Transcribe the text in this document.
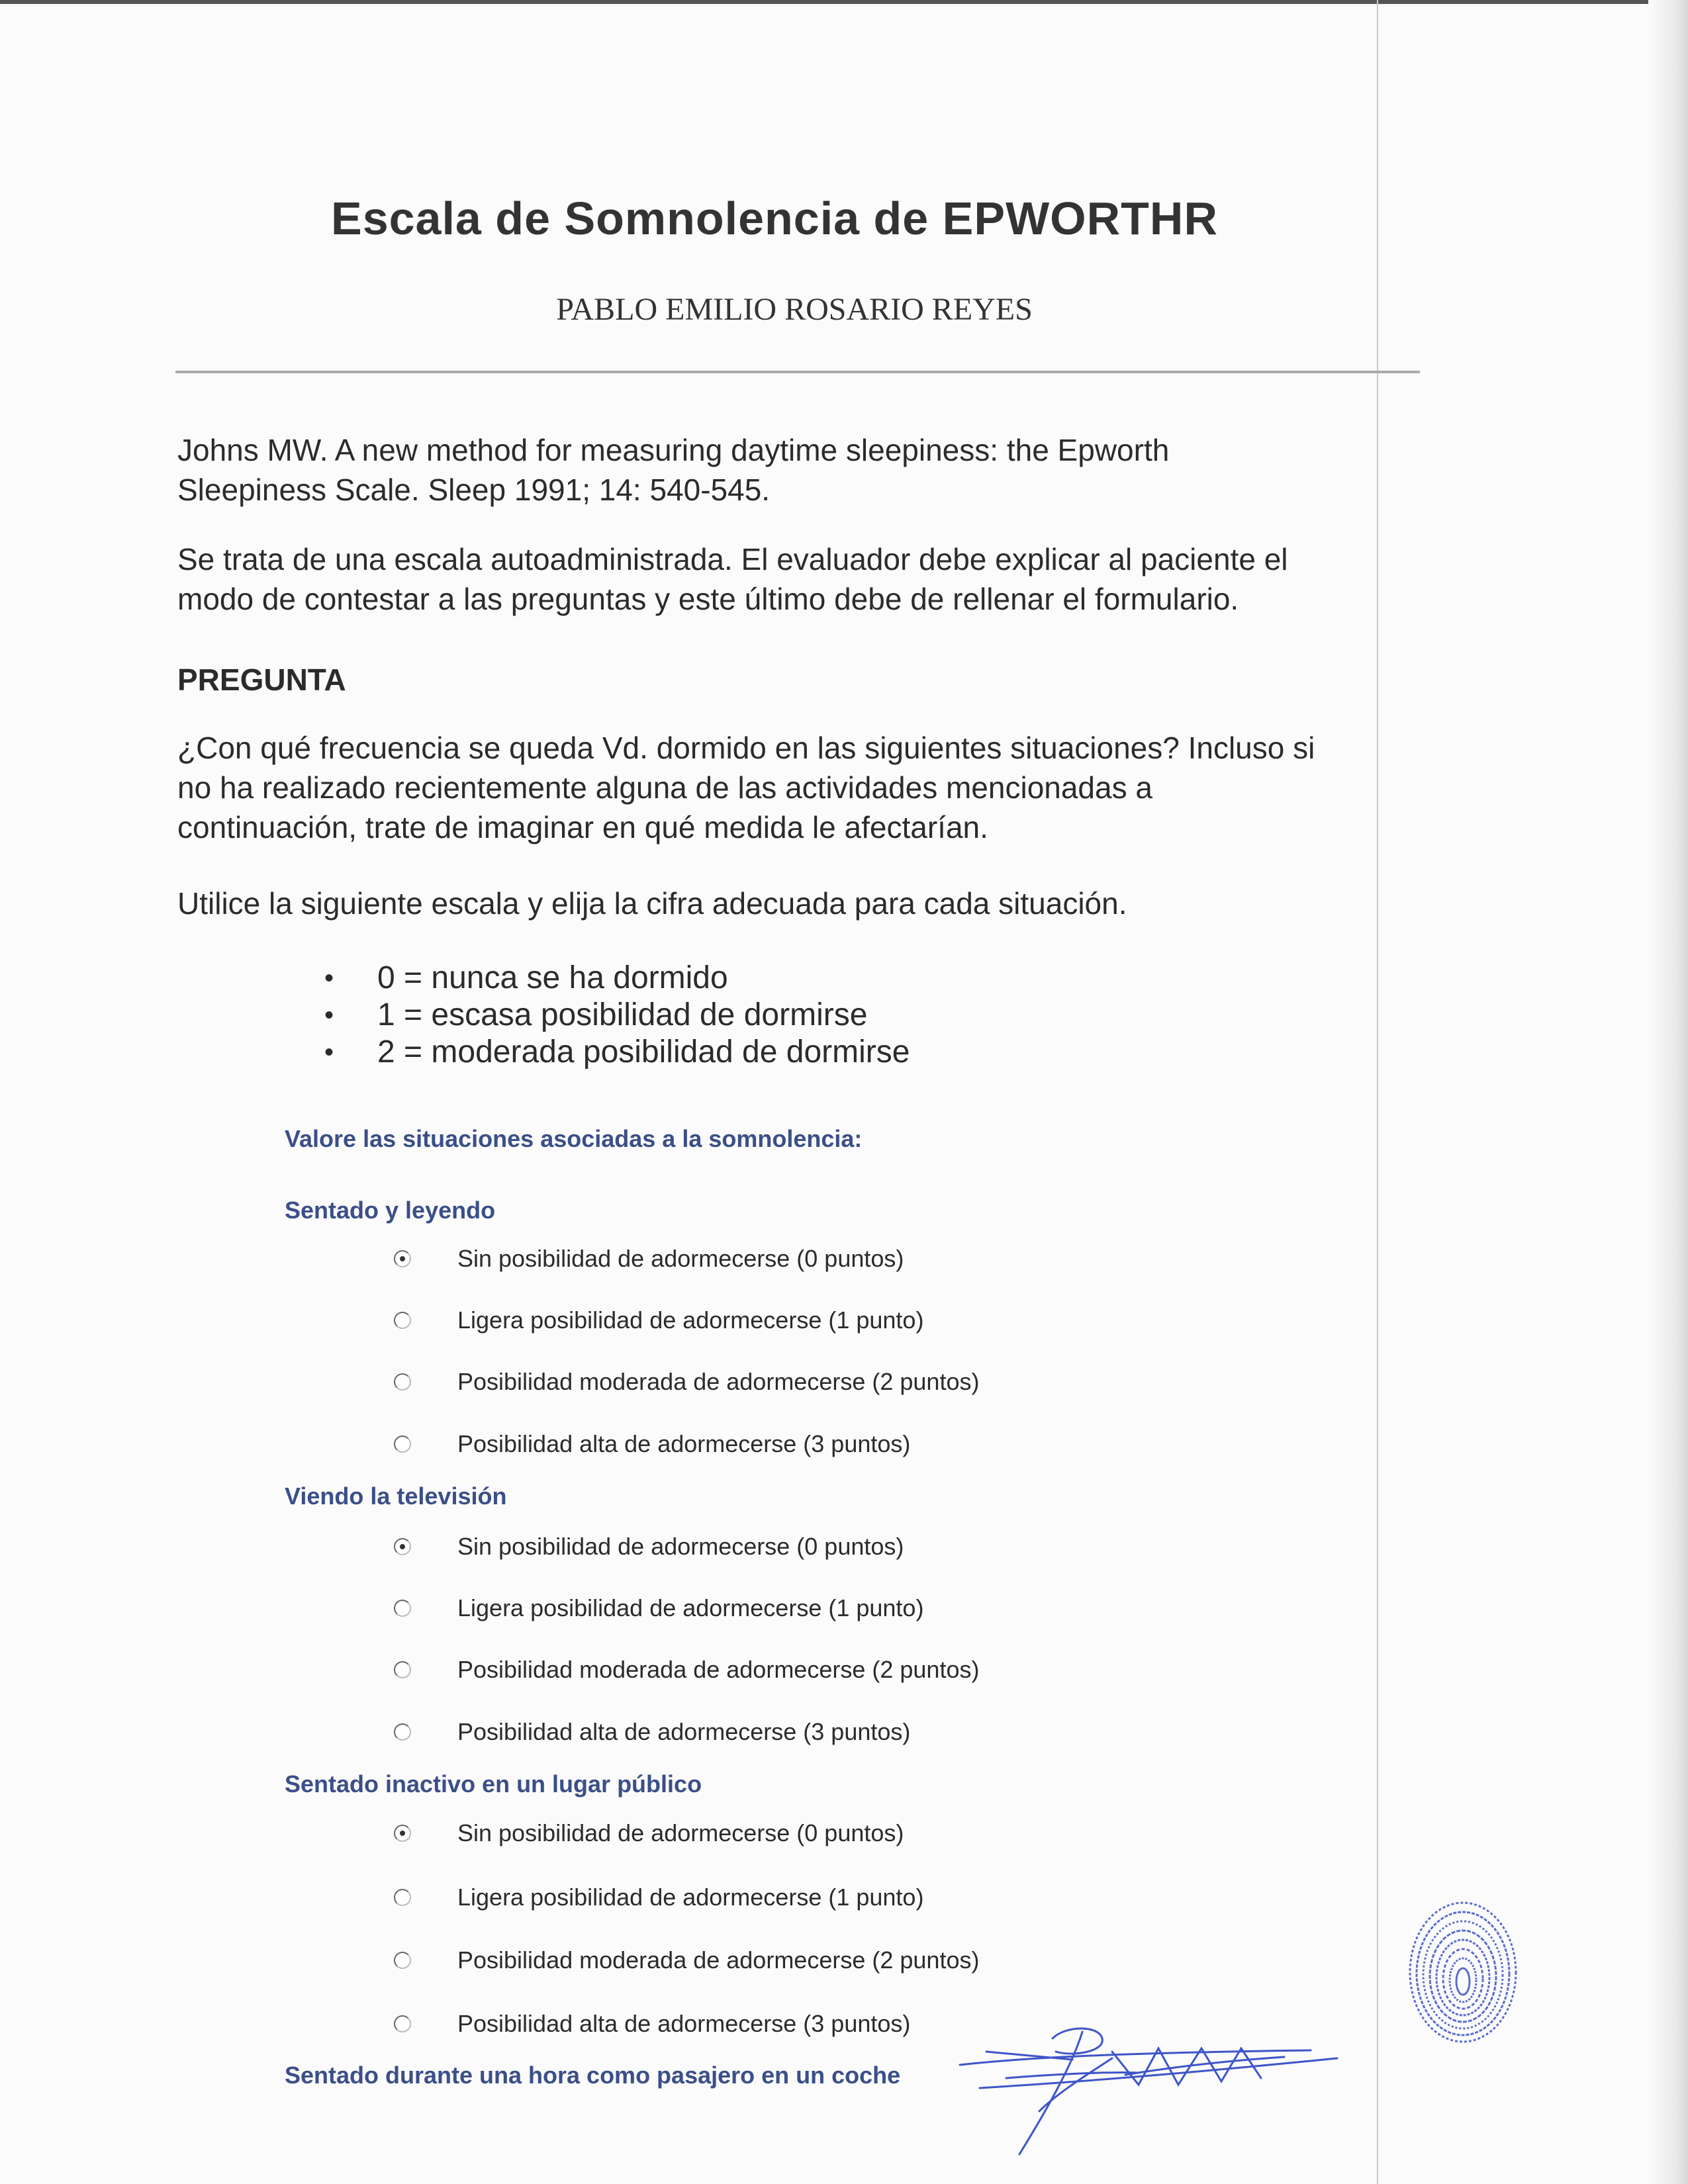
Escala de Somnolencia de EPWORTHR
PABLO EMILIO ROSARIO REYES
Johns MW. A new method for measuring daytime sleepiness: the Epworth
Sleepiness Scale. Sleep 1991; 14: 540-545.
Se trata de una escala autoadministrada. El evaluador debe explicar al paciente el
modo de contestar a las preguntas y este último debe de rellenar el formulario.
PREGUNTA
¿Con qué frecuencia se queda Vd. dormido en las siguientes situaciones? Incluso si
no ha realizado recientemente alguna de las actividades mencionadas a
continuación, trate de imaginar en qué medida le afectarían.
Utilice la siguiente escala y elija la cifra adecuada para cada situación.
•	0 = nunca se ha dormido
•	1 = escasa posibilidad de dormirse
•	2 = moderada posibilidad de dormirse
Valore las situaciones asociadas a la somnolencia:
Sentado y leyendo
Sin posibilidad de adormecerse (0 puntos)
Ligera posibilidad de adormecerse (1 punto)
Posibilidad moderada de adormecerse (2 puntos)
Posibilidad alta de adormecerse (3 puntos)
Viendo la televisión
Sin posibilidad de adormecerse (0 puntos)
Ligera posibilidad de adormecerse (1 punto)
Posibilidad moderada de adormecerse (2 puntos)
Posibilidad alta de adormecerse (3 puntos)
Sentado inactivo en un lugar público
Sin posibilidad de adormecerse (0 puntos)
Ligera posibilidad de adormecerse (1 punto)
Posibilidad moderada de adormecerse (2 puntos)
Posibilidad alta de adormecerse (3 puntos)
Sentado durante una hora como pasajero en un coche
